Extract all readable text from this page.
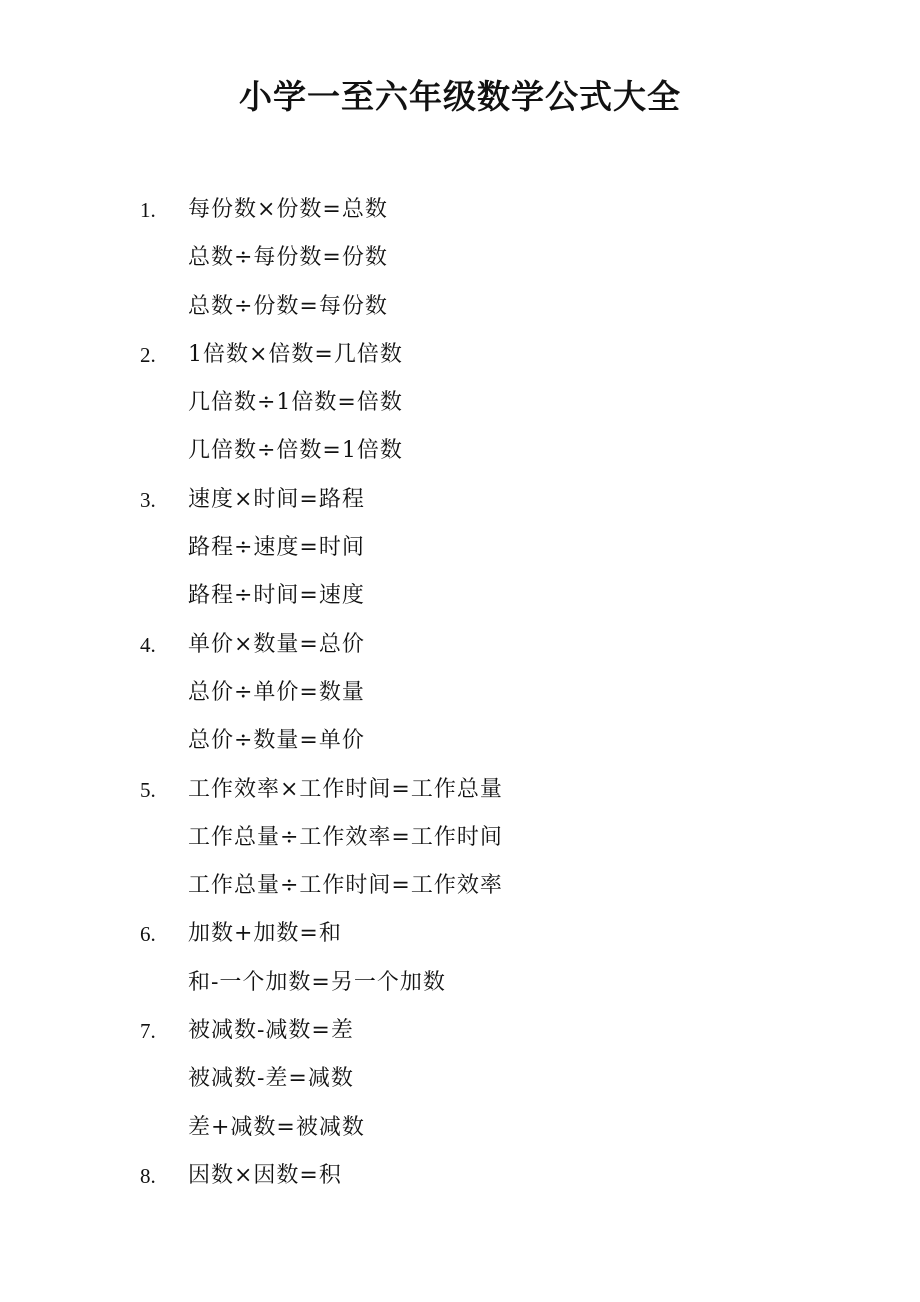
小学一至六年级数学公式大全
1. 每份数×份数=总数
总数÷每份数=份数
总数÷份数=每份数
2. 1倍数×倍数=几倍数
几倍数÷1倍数=倍数
几倍数÷倍数=1倍数
3. 速度×时间=路程
路程÷速度=时间
路程÷时间=速度
4. 单价×数量=总价
总价÷单价=数量
总价÷数量=单价
5. 工作效率×工作时间=工作总量
工作总量÷工作效率=工作时间
工作总量÷工作时间=工作效率
6. 加数+加数=和
和-一个加数=另一个加数
7. 被减数-减数=差
被减数-差=减数
差+减数=被减数
8. 因数×因数=积
